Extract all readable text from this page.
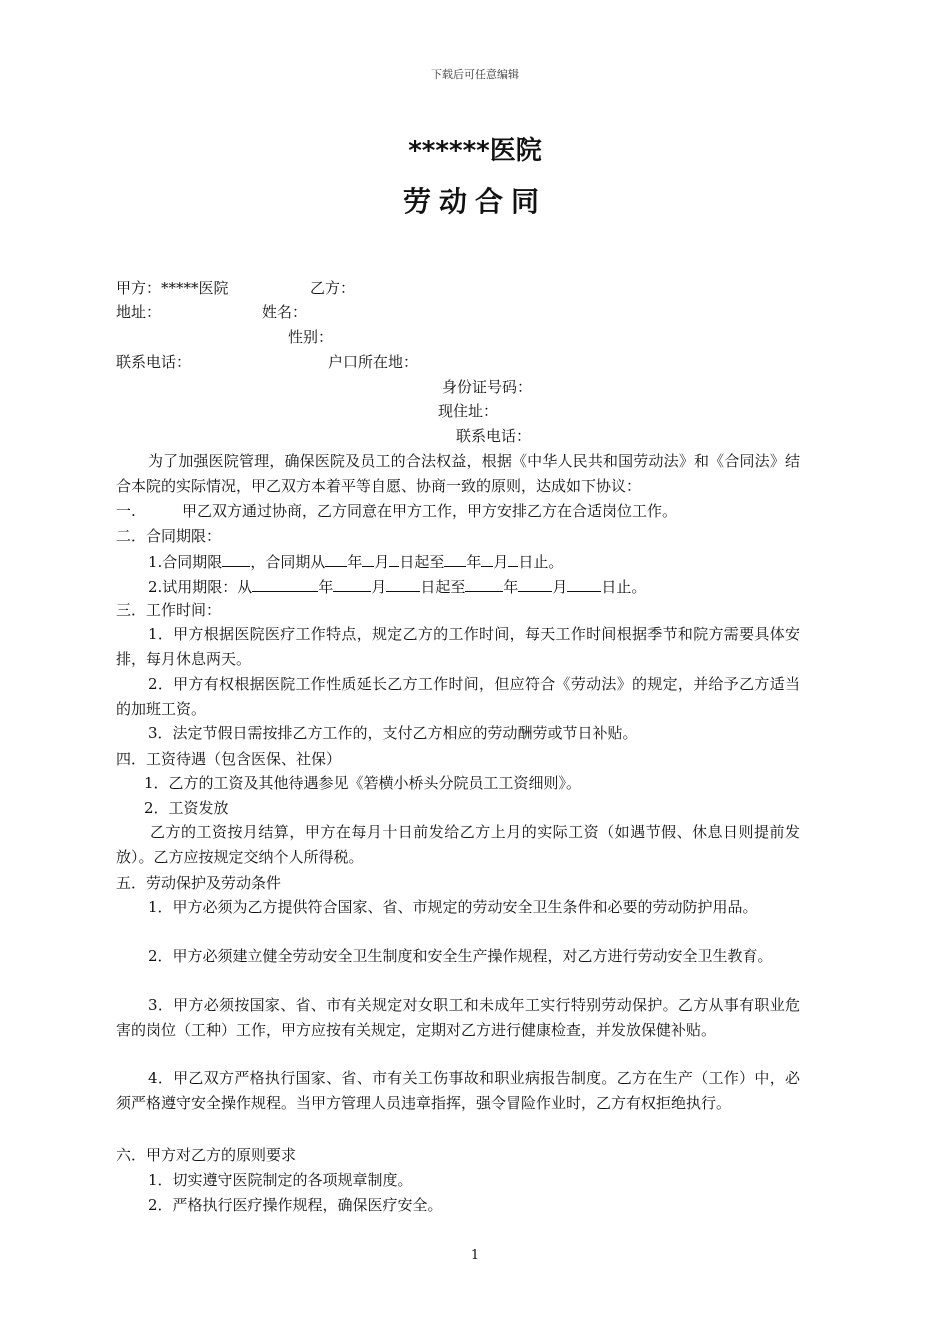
下载后可任意编辑
******医院
劳动合同
甲方：*****医院	乙方：
地址：	姓名：
性别：
联系电话：	户口所在地：
身份证号码：
现住址：
联系电话：
为了加强医院管理，确保医院及员工的合法权益，根据《中华人民共和国劳动法》和《合同法》结合本院的实际情况，甲乙双方本着平等自愿、协商一致的原则，达成如下协议：
一.	甲乙双方通过协商，乙方同意在甲方工作，甲方安排乙方在合适岗位工作。
二．合同期限：
1.合同期限 ，合同期从 年 月 日起至 年 月 日止。
2.试用期限：从	年	月 日起至	年 月 日止。
三．工作时间：
1．甲方根据医院医疗工作特点，规定乙方的工作时间，每天工作时间根据季节和院方需要具体安排，每月休息两天。
2．甲方有权根据医院工作性质延长乙方工作时间，但应符合《劳动法》的规定，并给予乙方适当的加班工资。
3．法定节假日需按排乙方工作的，支付乙方相应的劳动酬劳或节日补贴。
四．工资待遇（包含医保、社保）
1．乙方的工资及其他待遇参见《箬横小桥头分院员工工资细则》。
2．工资发放
乙方的工资按月结算，甲方在每月十日前发给乙方上月的实际工资（如遇节假、休息日则提前发放）。乙方应按规定交纳个人所得税。
五．劳动保护及劳动条件
1．甲方必须为乙方提供符合国家、省、市规定的劳动安全卫生条件和必要的劳动防护用品。
2．甲方必须建立健全劳动安全卫生制度和安全生产操作规程，对乙方进行劳动安全卫生教育。
3．甲方必须按国家、省、市有关规定对女职工和未成年工实行特别劳动保护。乙方从事有职业危害的岗位（工种）工作，甲方应按有关规定，定期对乙方进行健康检查，并发放保健补贴。
4．甲乙双方严格执行国家、省、市有关工伤事故和职业病报告制度。乙方在生产（工作）中，必须严格遵守安全操作规程。当甲方管理人员违章指挥，强令冒险作业时，乙方有权拒绝执行。
六．甲方对乙方的原则要求
1．切实遵守医院制定的各项规章制度。
2．严格执行医疗操作规程，确保医疗安全。
1
